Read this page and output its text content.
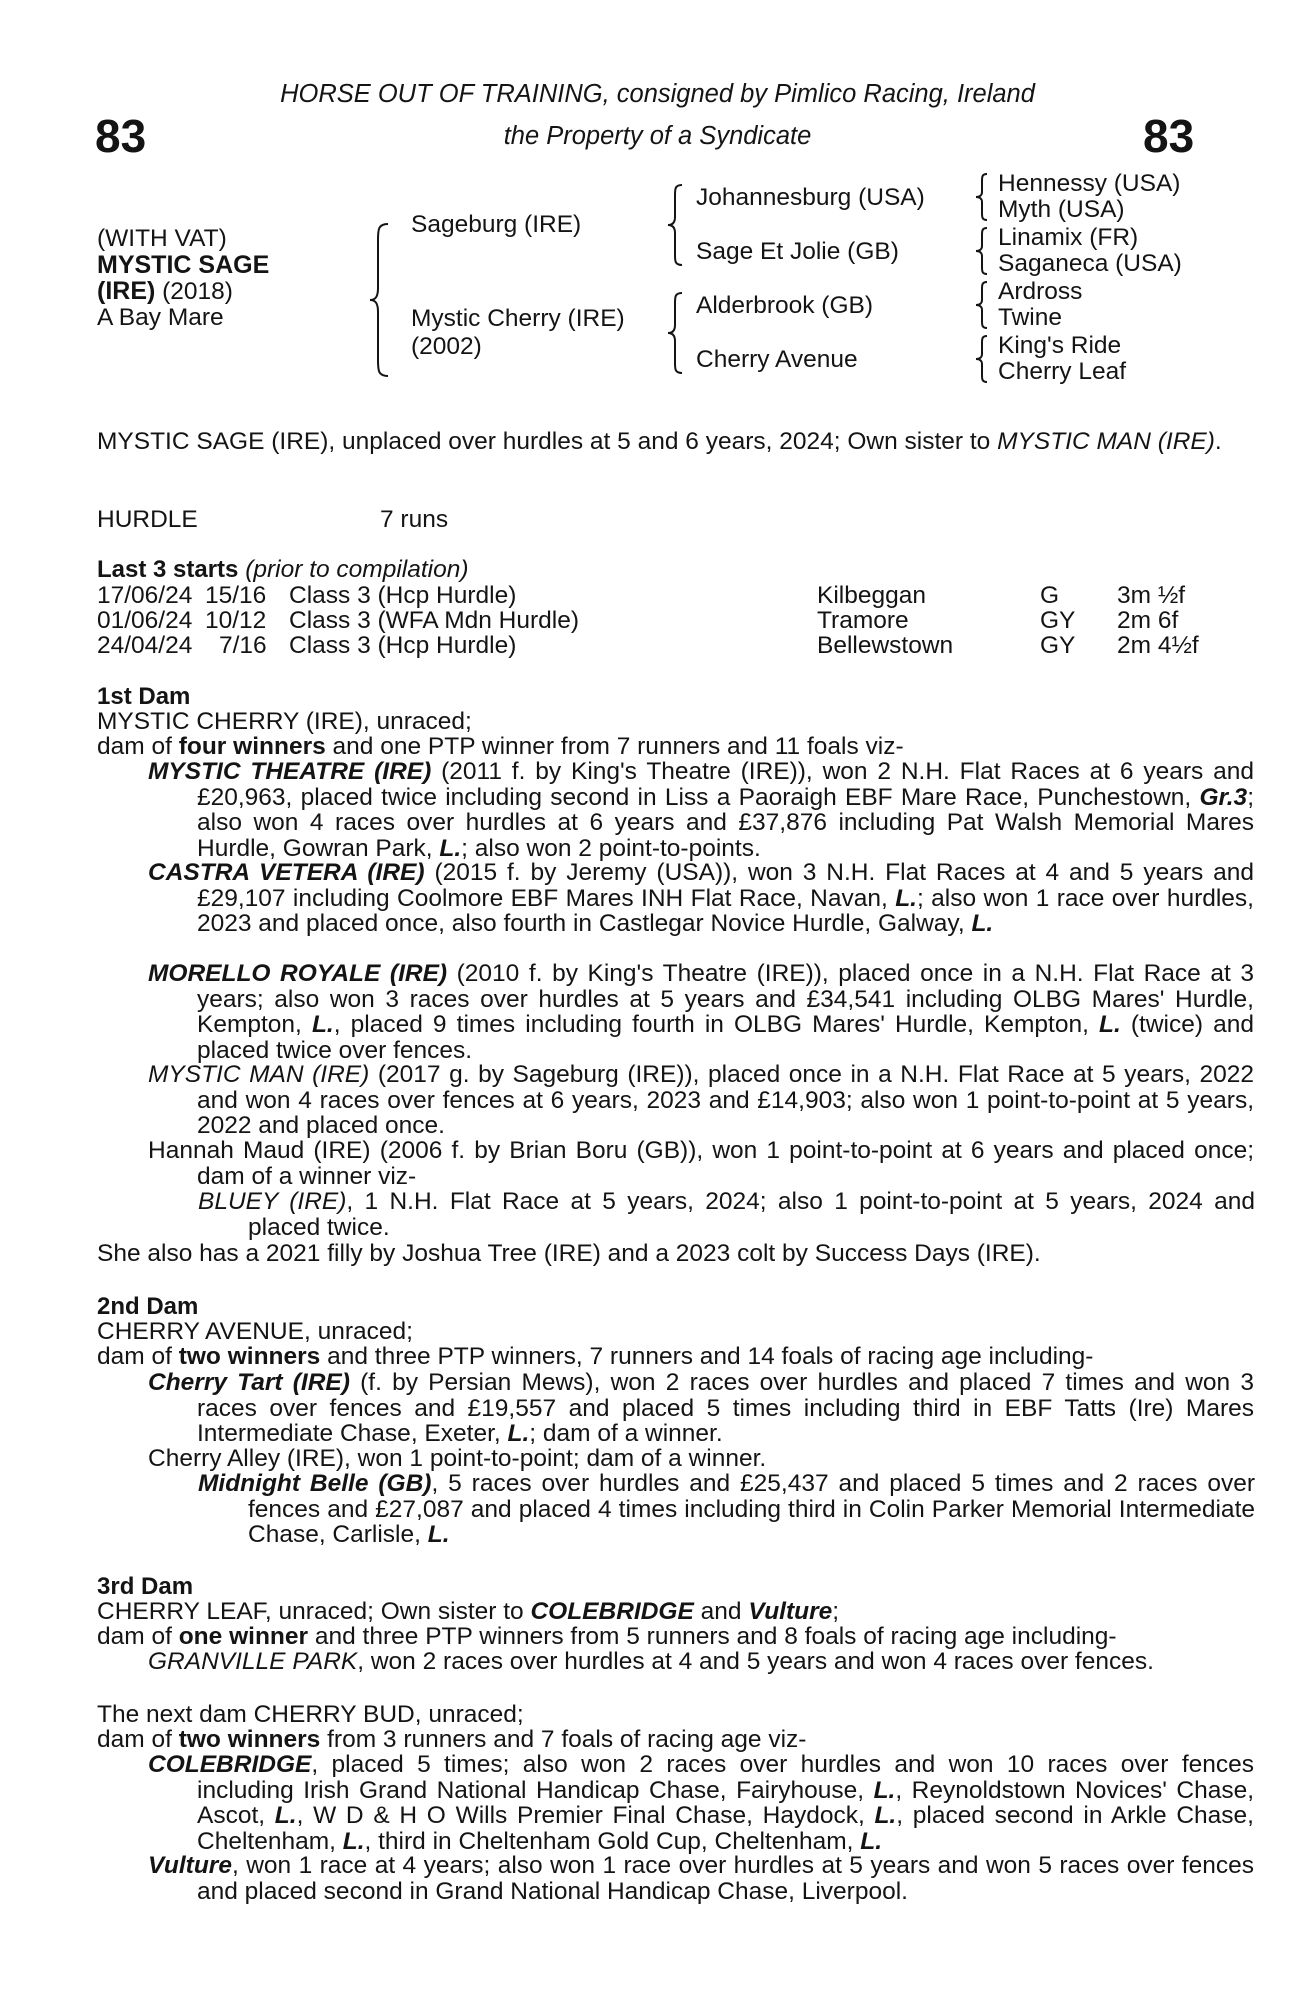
83	83
HORSE OUT OF TRAINING, consigned by Pimlico Racing, Ireland
the Property of a Syndicate
(WITH VAT)
MYSTIC SAGE
(IRE) (2018)
A Bay Mare
Sageburg (IRE)
Mystic Cherry (IRE)
(2002)
Johannesburg (USA)
Sage Et Jolie (GB)
Alderbrook (GB)
Cherry Avenue
Hennessy (USA)
Myth (USA)
Linamix (FR)
Saganeca (USA)
Ardross
Twine
King's Ride
Cherry Leaf
MYSTIC SAGE (IRE), unplaced over hurdles at 5 and 6 years, 2024; Own sister to MYSTIC MAN (IRE).
HURDLE	7 runs
Last 3 starts (prior to compilation)
17/06/24 15/16 Class 3 (Hcp Hurdle)	Kilbeggan	G 3m ½f
01/06/24 10/12 Class 3 (WFA Mdn Hurdle)	Tramore	GY 2m 6f
24/04/24 7/16 Class 3 (Hcp Hurdle)	Bellewstown	GY 2m 4½f
1st Dam
MYSTIC CHERRY (IRE), unraced;
dam of four winners and one PTP winner from 7 runners and 11 foals viz-
MYSTIC THEATRE (IRE) (2011 f. by King's Theatre (IRE)), won 2 N.H. Flat Races at 6 years and £20,963, placed twice including second in Liss a Paoraigh EBF Mare Race, Punchestown, Gr.3; also won 4 races over hurdles at 6 years and £37,876 including Pat Walsh Memorial Mares Hurdle, Gowran Park, L.; also won 2 point-to-points.
CASTRA VETERA (IRE) (2015 f. by Jeremy (USA)), won 3 N.H. Flat Races at 4 and 5 years and £29,107 including Coolmore EBF Mares INH Flat Race, Navan, L.; also won 1 race over hurdles, 2023 and placed once, also fourth in Castlegar Novice Hurdle, Galway, L.
MORELLO ROYALE (IRE) (2010 f. by King's Theatre (IRE)), placed once in a N.H. Flat Race at 3 years; also won 3 races over hurdles at 5 years and £34,541 including OLBG Mares' Hurdle, Kempton, L., placed 9 times including fourth in OLBG Mares' Hurdle, Kempton, L. (twice) and placed twice over fences.
MYSTIC MAN (IRE) (2017 g. by Sageburg (IRE)), placed once in a N.H. Flat Race at 5 years, 2022 and won 4 races over fences at 6 years, 2023 and £14,903; also won 1 point-to-point at 5 years, 2022 and placed once.
Hannah Maud (IRE) (2006 f. by Brian Boru (GB)), won 1 point-to-point at 6 years and placed once; dam of a winner viz-
BLUEY (IRE), 1 N.H. Flat Race at 5 years, 2024; also 1 point-to-point at 5 years, 2024 and placed twice.
She also has a 2021 filly by Joshua Tree (IRE) and a 2023 colt by Success Days (IRE).
2nd Dam
CHERRY AVENUE, unraced;
dam of two winners and three PTP winners, 7 runners and 14 foals of racing age including-
Cherry Tart (IRE) (f. by Persian Mews), won 2 races over hurdles and placed 7 times and won 3 races over fences and £19,557 and placed 5 times including third in EBF Tatts (Ire) Mares Intermediate Chase, Exeter, L.; dam of a winner.
Cherry Alley (IRE), won 1 point-to-point; dam of a winner.
Midnight Belle (GB), 5 races over hurdles and £25,437 and placed 5 times and 2 races over fences and £27,087 and placed 4 times including third in Colin Parker Memorial Intermediate Chase, Carlisle, L.
3rd Dam
CHERRY LEAF, unraced; Own sister to COLEBRIDGE and Vulture;
dam of one winner and three PTP winners from 5 runners and 8 foals of racing age including-
GRANVILLE PARK, won 2 races over hurdles at 4 and 5 years and won 4 races over fences.
The next dam CHERRY BUD, unraced;
dam of two winners from 3 runners and 7 foals of racing age viz-
COLEBRIDGE, placed 5 times; also won 2 races over hurdles and won 10 races over fences including Irish Grand National Handicap Chase, Fairyhouse, L., Reynoldstown Novices' Chase, Ascot, L., W D & H O Wills Premier Final Chase, Haydock, L., placed second in Arkle Chase, Cheltenham, L., third in Cheltenham Gold Cup, Cheltenham, L.
Vulture, won 1 race at 4 years; also won 1 race over hurdles at 5 years and won 5 races over fences and placed second in Grand National Handicap Chase, Liverpool.
